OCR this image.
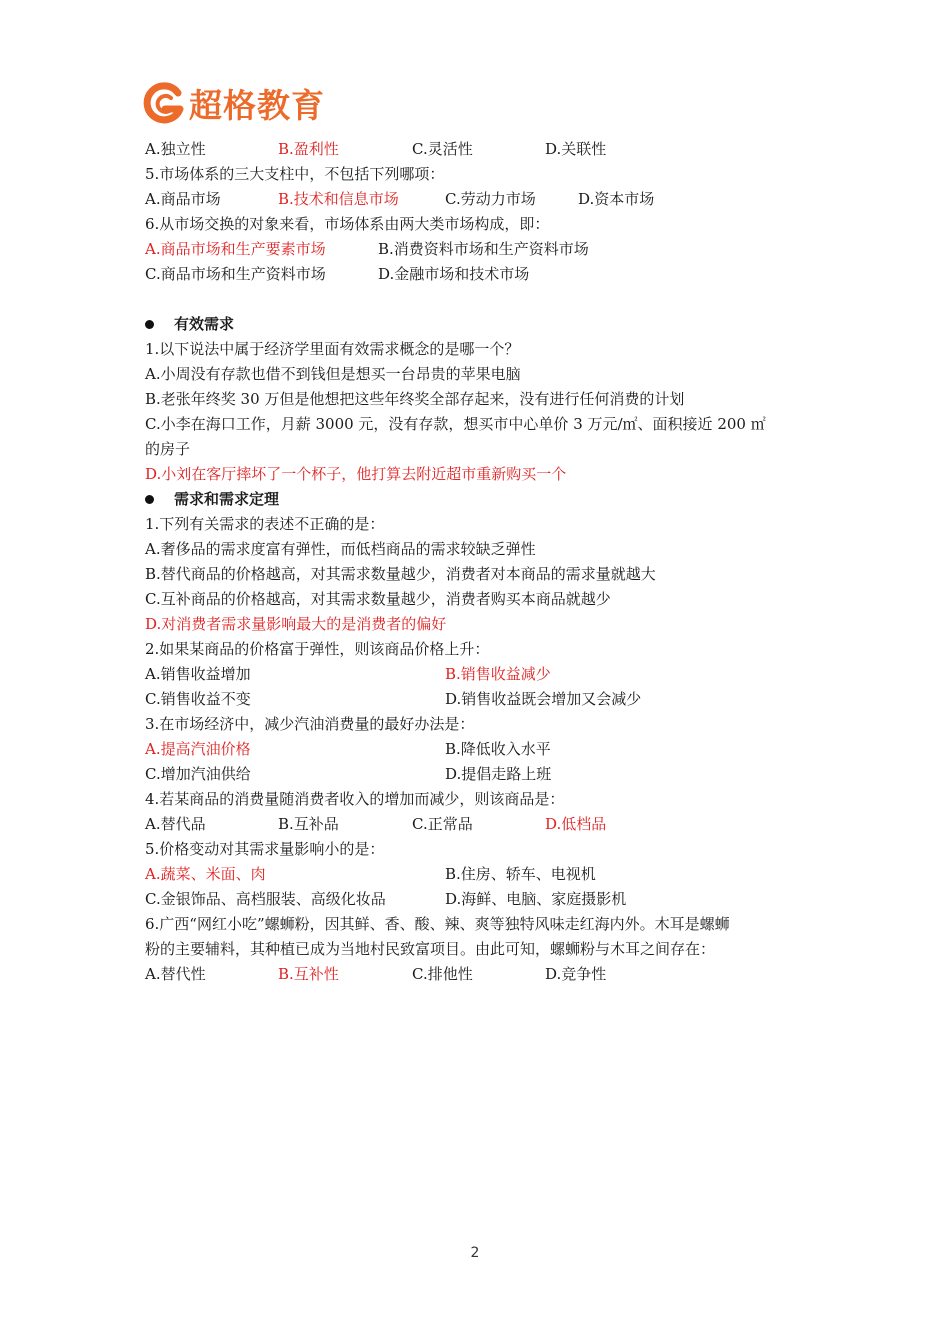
超格教育
A.独立性	B.盈利性	C.灵活性	D.关联性
5.市场体系的三大支柱中，不包括下列哪项：
A.商品市场	B.技术和信息市场	C.劳动力市场	D.资本市场
6.从市场交换的对象来看，市场体系由两大类市场构成，即：
A.商品市场和生产要素市场	B.消费资料市场和生产资料市场
C.商品市场和生产资料市场	D.金融市场和技术市场
有效需求
1.以下说法中属于经济学里面有效需求概念的是哪一个？
A.小周没有存款也借不到钱但是想买一台昂贵的苹果电脑
B.老张年终奖 30 万但是他想把这些年终奖全部存起来，没有进行任何消费的计划
C.小李在海口工作，月薪 3000 元，没有存款，想买市中心单价 3 万元/㎡、面积接近 200 ㎡
的房子
D.小刘在客厅摔坏了一个杯子，他打算去附近超市重新购买一个
需求和需求定理
1.下列有关需求的表述不正确的是：
A.奢侈品的需求度富有弹性，而低档商品的需求较缺乏弹性
B.替代商品的价格越高，对其需求数量越少，消费者对本商品的需求量就越大
C.互补商品的价格越高，对其需求数量越少，消费者购买本商品就越少
D.对消费者需求量影响最大的是消费者的偏好
2.如果某商品的价格富于弹性，则该商品价格上升：
A.销售收益增加	B.销售收益减少
C.销售收益不变	D.销售收益既会增加又会减少
3.在市场经济中，减少汽油消费量的最好办法是：
A.提高汽油价格	B.降低收入水平
C.增加汽油供给	D.提倡走路上班
4.若某商品的消费量随消费者收入的增加而减少，则该商品是：
A.替代品	B.互补品	C.正常品	D.低档品
5.价格变动对其需求量影响小的是：
A.蔬菜、米面、肉	B.住房、轿车、电视机
C.金银饰品、高档服装、高级化妆品	D.海鲜、电脑、家庭摄影机
6.广西“网红小吃”螺蛳粉，因其鲜、香、酸、辣、爽等独特风味走红海内外。木耳是螺蛳
粉的主要辅料，其种植已成为当地村民致富项目。由此可知，螺蛳粉与木耳之间存在：
A.替代性	B.互补性	C.排他性	D.竞争性
2
